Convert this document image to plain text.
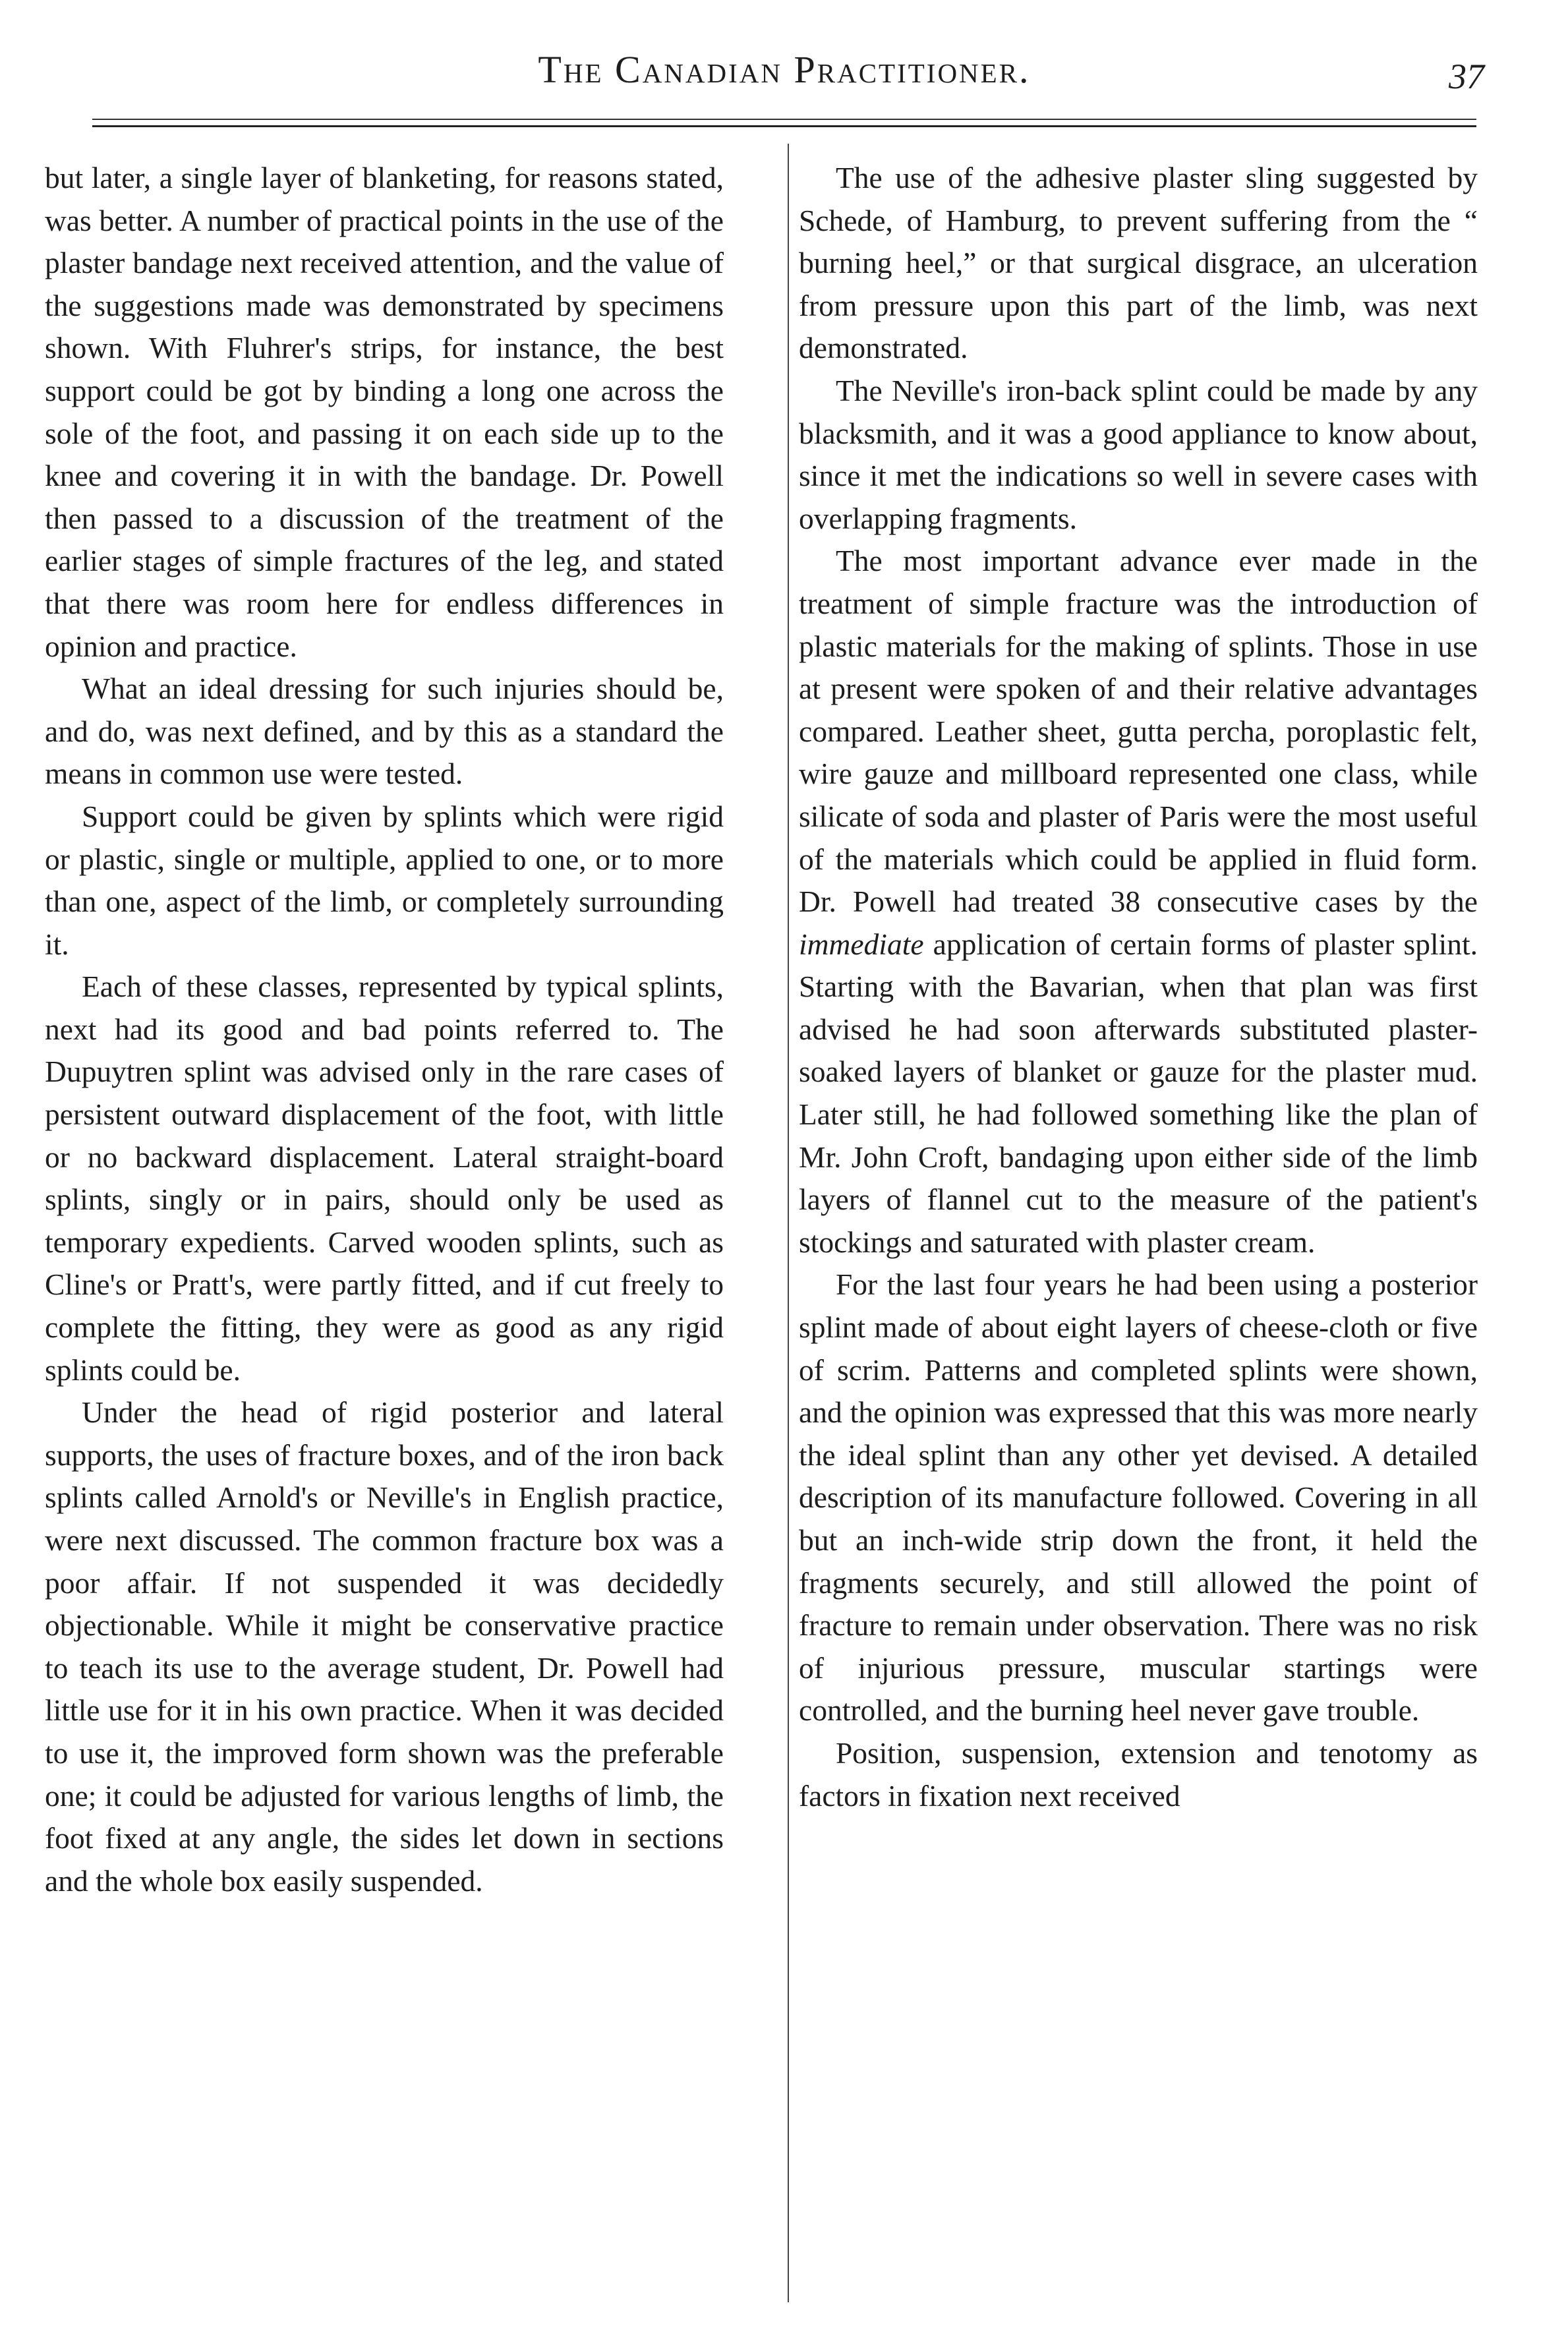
The Canadian Practitioner.	37

but later, a single layer of blanketing, for reasons stated, was better. A number of practical points in the use of the plaster bandage next received attention, and the value of the suggestions made was demonstrated by specimens shown. With Fluhrer's strips, for instance, the best support could be got by binding a long one across the sole of the foot, and passing it on each side up to the knee and covering it in with the bandage. Dr. Powell then passed to a discussion of the treatment of the earlier stages of simple fractures of the leg, and stated that there was room here for endless differences in opinion and practice.

What an ideal dressing for such injuries should be, and do, was next defined, and by this as a standard the means in common use were tested.

Support could be given by splints which were rigid or plastic, single or multiple, applied to one, or to more than one, aspect of the limb, or completely surrounding it.

Each of these classes, represented by typical splints, next had its good and bad points referred to. The Dupuytren splint was advised only in the rare cases of persistent outward displacement of the foot, with little or no backward displacement. Lateral straight-board splints, singly or in pairs, should only be used as temporary expedients. Carved wooden splints, such as Cline's or Pratt's, were partly fitted, and if cut freely to complete the fitting, they were as good as any rigid splints could be.

Under the head of rigid posterior and lateral supports, the uses of fracture boxes, and of the iron back splints called Arnold's or Neville's in English practice, were next discussed. The common fracture box was a poor affair. If not suspended it was decidedly objectionable. While it might be conservative practice to teach its use to the average student, Dr. Powell had little use for it in his own practice. When it was decided to use it, the improved form shown was the preferable one; it could be adjusted for various lengths of limb, the foot fixed at any angle, the sides let down in sections and the whole box easily suspended.

The use of the adhesive plaster sling suggested by Schede, of Hamburg, to prevent suffering from the “ burning heel,” or that surgical disgrace, an ulceration from pressure upon this part of the limb, was next demonstrated.

The Neville's iron-back splint could be made by any blacksmith, and it was a good appliance to know about, since it met the indications so well in severe cases with overlapping fragments.

The most important advance ever made in the treatment of simple fracture was the introduction of plastic materials for the making of splints. Those in use at present were spoken of and their relative advantages compared. Leather sheet, gutta percha, poroplastic felt, wire gauze and millboard represented one class, while silicate of soda and plaster of Paris were the most useful of the materials which could be applied in fluid form. Dr. Powell had treated 38 consecutive cases by the immediate application of certain forms of plaster splint. Starting with the Bavarian, when that plan was first advised he had soon afterwards substituted plaster-soaked layers of blanket or gauze for the plaster mud. Later still, he had followed something like the plan of Mr. John Croft, bandaging upon either side of the limb layers of flannel cut to the measure of the patient's stockings and saturated with plaster cream.

For the last four years he had been using a posterior splint made of about eight layers of cheese-cloth or five of scrim. Patterns and completed splints were shown, and the opinion was expressed that this was more nearly the ideal splint than any other yet devised. A detailed description of its manufacture followed. Covering in all but an inch-wide strip down the front, it held the fragments securely, and still allowed the point of fracture to remain under observation. There was no risk of injurious pressure, muscular startings were controlled, and the burning heel never gave trouble.

Position, suspension, extension and tenotomy as factors in fixation next received
